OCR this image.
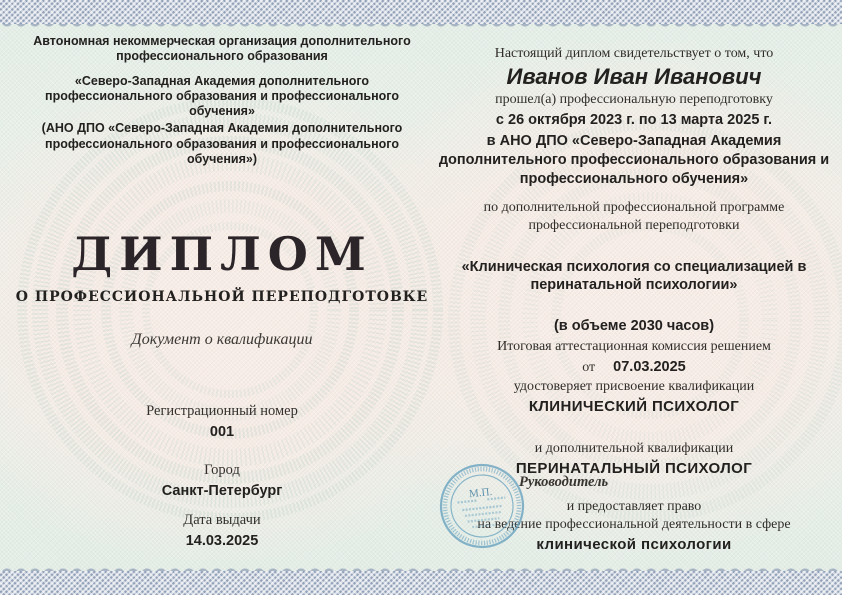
Автономная некоммерческая организация дополнительного профессионального образования
«Северо-Западная Академия дополнительного профессионального образования и профессионального обучения»
(АНО ДПО «Северо-Западная Академия дополнительного профессионального образования и профессионального обучения»)
ДИПЛОМ
О ПРОФЕССИОНАЛЬНОЙ ПЕРЕПОДГОТОВКЕ
Документ о квалификации
Регистрационный номер
001
Город
Санкт-Петербург
Дата выдачи
14.03.2025
Настоящий диплом свидетельствует о том, что
Иванов Иван Иванович
прошел(а) профессиональную переподготовку
с 26 октября 2023 г. по 13 марта 2025 г.
в АНО ДПО «Северо-Западная Академия дополнительного профессионального образования и профессионального обучения»
по дополнительной профессиональной программе
профессиональной переподготовки
«Клиническая психология со специализацией в перинатальной психологии»
(в объеме 2030 часов)
Итоговая аттестационная комиссия решением
от 07.03.2025
удостоверяет присвоение квалификации
КЛИНИЧЕСКИЙ ПСИХОЛОГ
и дополнительной квалификации
ПЕРИНАТАЛЬНЫЙ ПСИХОЛОГ
и предоставляет право
на ведение профессиональной деятельности в сфере
клинической психологии
М.П.
Руководитель
